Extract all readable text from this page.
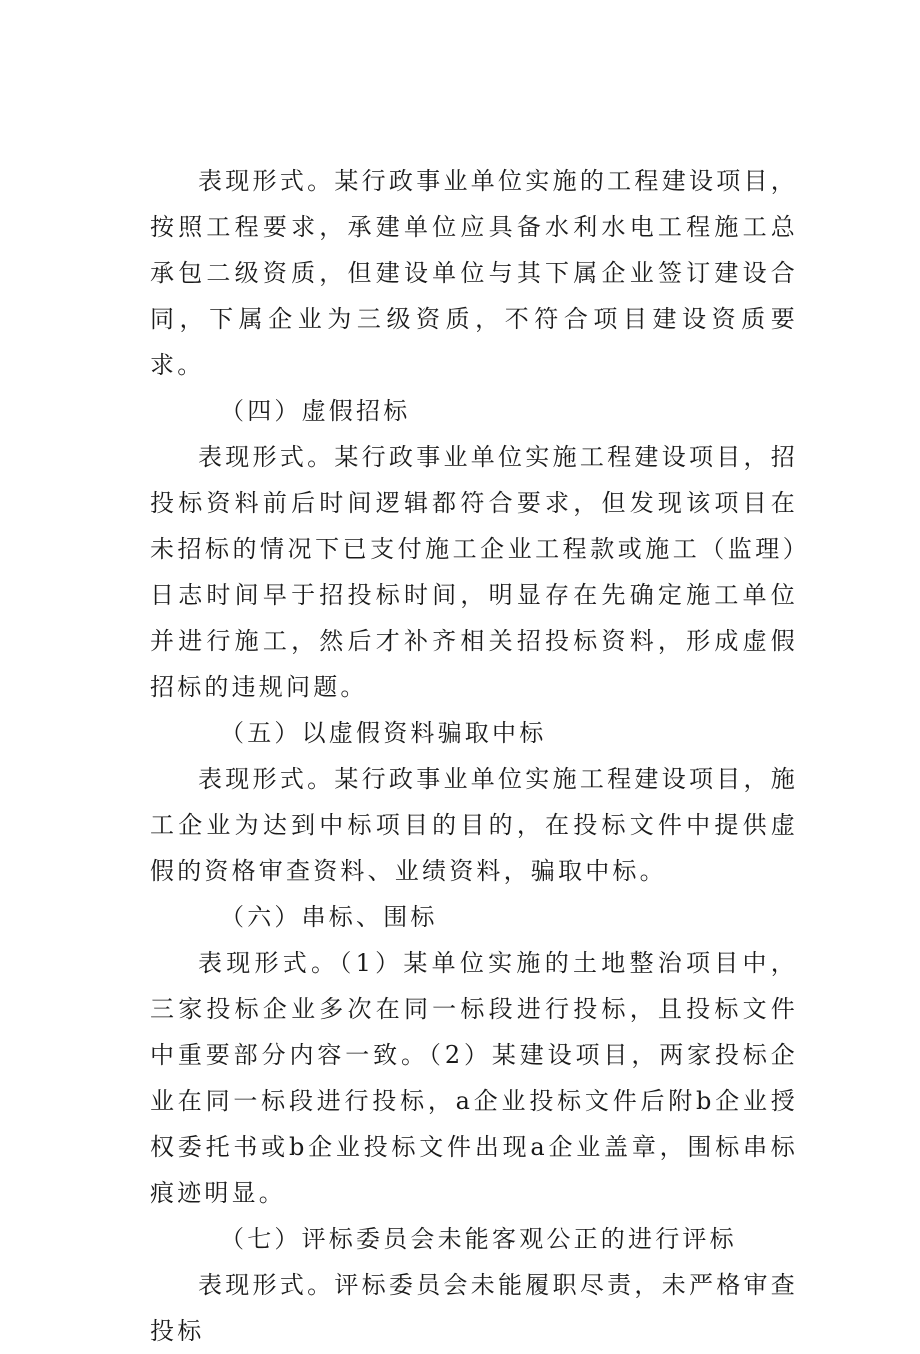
表现形式。某行政事业单位实施的工程建设项目，按照工程要求，承建单位应具备水利水电工程施工总承包二级资质，但建设单位与其下属企业签订建设合同，下属企业为三级资质，不符合项目建设资质要求。

（四）虚假招标

表现形式。某行政事业单位实施工程建设项目，招投标资料前后时间逻辑都符合要求，但发现该项目在未招标的情况下已支付施工企业工程款或施工（监理）日志时间早于招投标时间，明显存在先确定施工单位并进行施工，然后才补齐相关招投标资料，形成虚假招标的违规问题。

（五）以虚假资料骗取中标

表现形式。某行政事业单位实施工程建设项目，施工企业为达到中标项目的目的，在投标文件中提供虚假的资格审查资料、业绩资料，骗取中标。

（六）串标、围标

表现形式。（1）某单位实施的土地整治项目中，三家投标企业多次在同一标段进行投标，且投标文件中重要部分内容一致。（2）某建设项目，两家投标企业在同一标段进行投标，a企业投标文件后附b企业授权委托书或b企业投标文件出现a企业盖章，围标串标痕迹明显。

（七）评标委员会未能客观公正的进行评标

表现形式。评标委员会未能履职尽责，未严格审查投标
